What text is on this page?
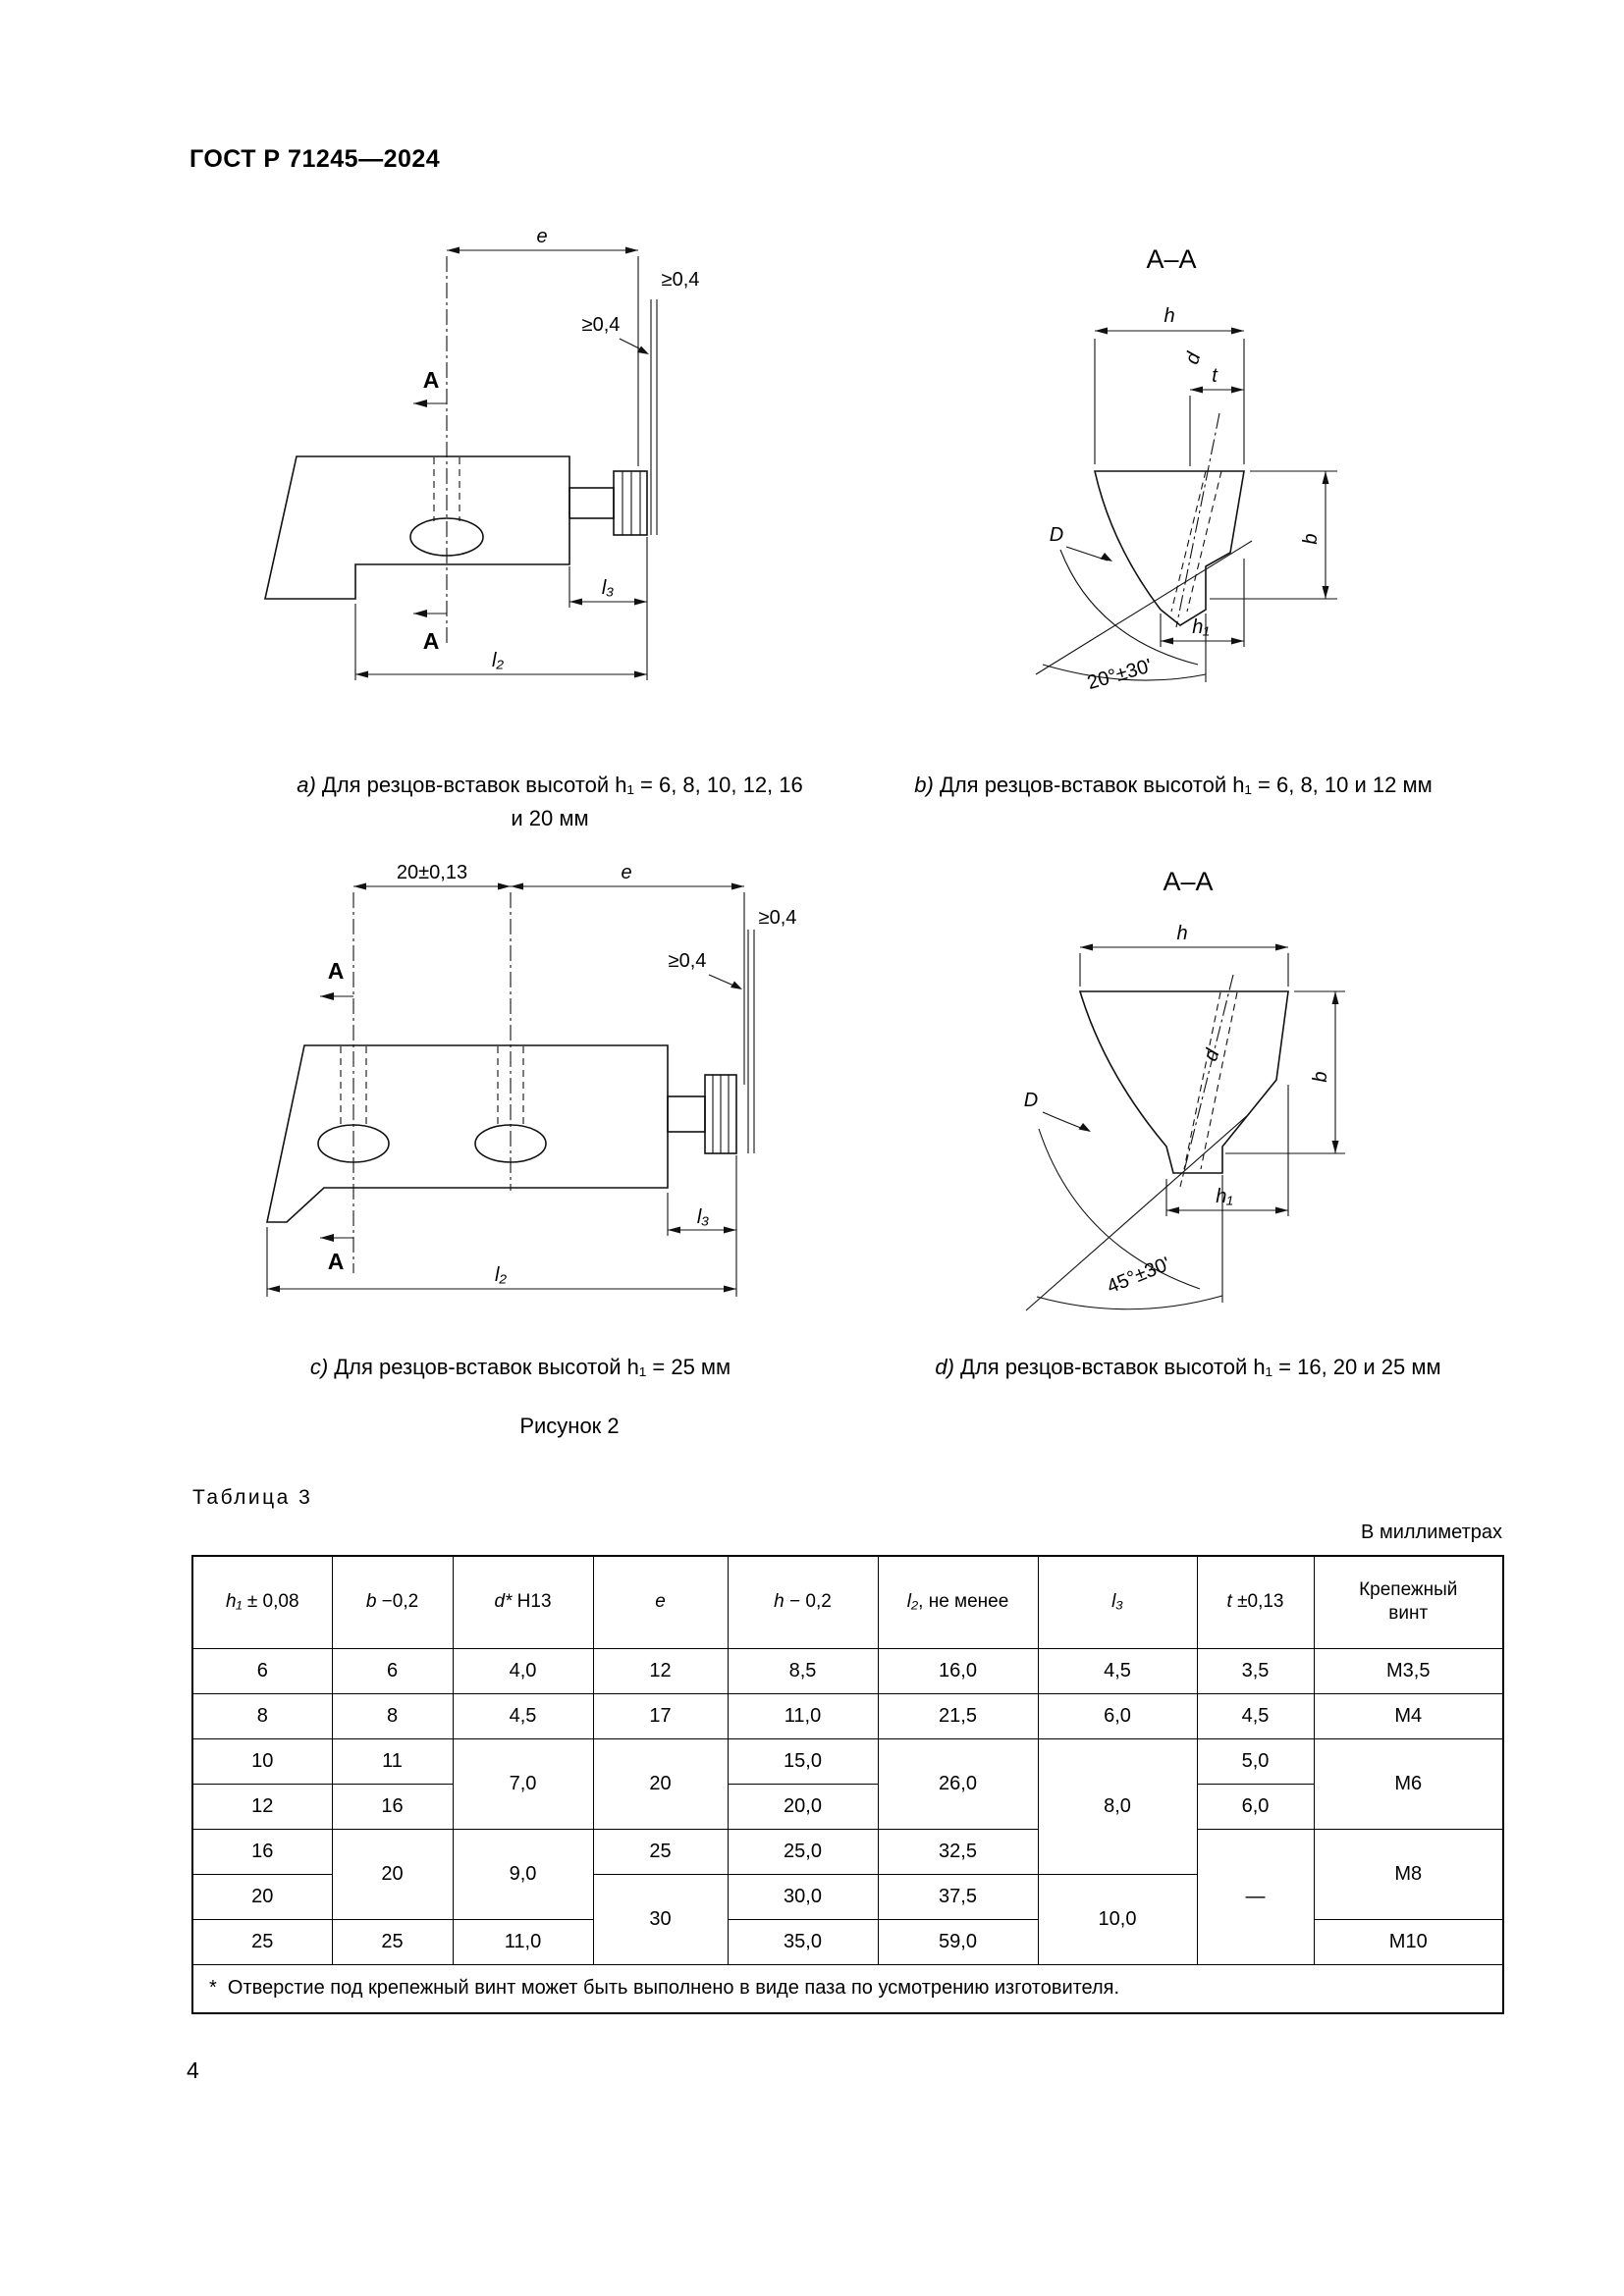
ГОСТ Р 71245—2024
е
≥0,4
≥0,4
А
А
l₃
l₂
А–А
h
t
d
D	b
h₁
20°±30'
20±0,13	е
≥0,4
≥0,4
А
А
l₃
l₂
А–А
h
d
D
b
h₁
45°±30'
а) Для резцов-вставок высотой h₁ = 6, 8, 10, 12, 16
и 20 мм
b) Для резцов-вставок высотой h₁ = 6, 8, 10 и 12 мм
с) Для резцов-вставок высотой h₁ = 25 мм	d) Для резцов-вставок высотой h₁ = 16, 20 и 25 мм
Рисунок 2
Таблица 3
В миллиметрах
h₁ ± 0,08	b −0,2	d* H13	е	h − 0,2	l₂, не менее	l₃	t ±0,13	Крепежный винт
6	6	4,0	12	8,5	16,0	4,5	3,5	М3,5
8	8	4,5	17	11,0	21,5	6,0	4,5	М4
10	11	7,0	20	15,0	26,0	8,0	5,0	М6
12	16			20,0			6,0	
16	20	9,0	25	25,0	32,5		—	М8
20			30	30,0	37,5	10,0		
25	25	11,0		35,0	59,0			М10
*  Отверстие под крепежный винт может быть выполнено в виде паза по усмотрению изготовителя.								
4
